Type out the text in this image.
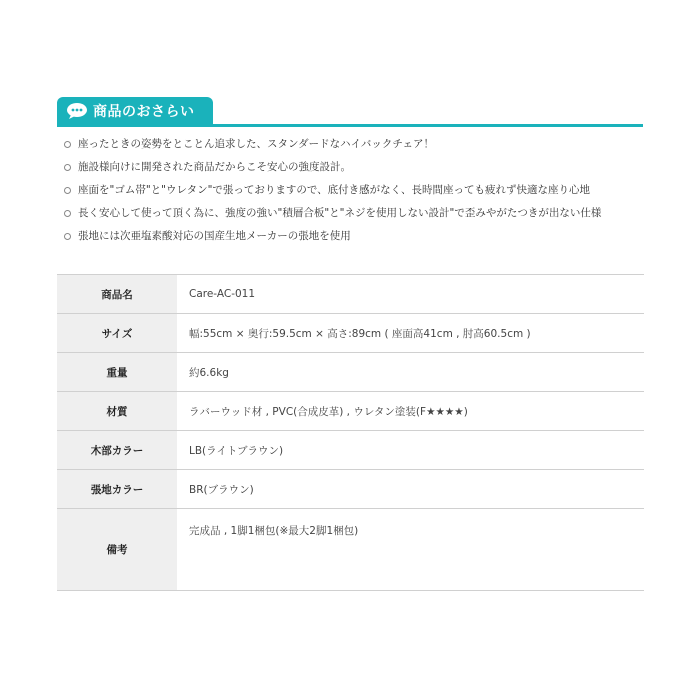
商品のおさらい
座ったときの姿勢をとことん追求した、スタンダードなハイバックチェア！
施設様向けに開発された商品だからこそ安心の強度設計。
座面を"ゴム帯"と"ウレタン"で張っておりますので、底付き感がなく、長時間座っても疲れず快適な座り心地
長く安心して使って頂く為に、強度の強い"積層合板"と"ネジを使用しない設計"で歪みやがたつきが出ない仕様
張地には次亜塩素酸対応の国産生地メーカーの張地を使用
商品名	Care-AC-011
サイズ	幅:55cm × 奥行:59.5cm × 高さ:89cm ( 座面高41cm , 肘高60.5cm )
重量	約6.6kg
材質	ラバーウッド材 , PVC(合成皮革) , ウレタン塗装(F★★★★)
木部カラー	LB(ライトブラウン)
張地カラー	BR(ブラウン)
備考	完成品 , 1脚1梱包(※最大2脚1梱包)
